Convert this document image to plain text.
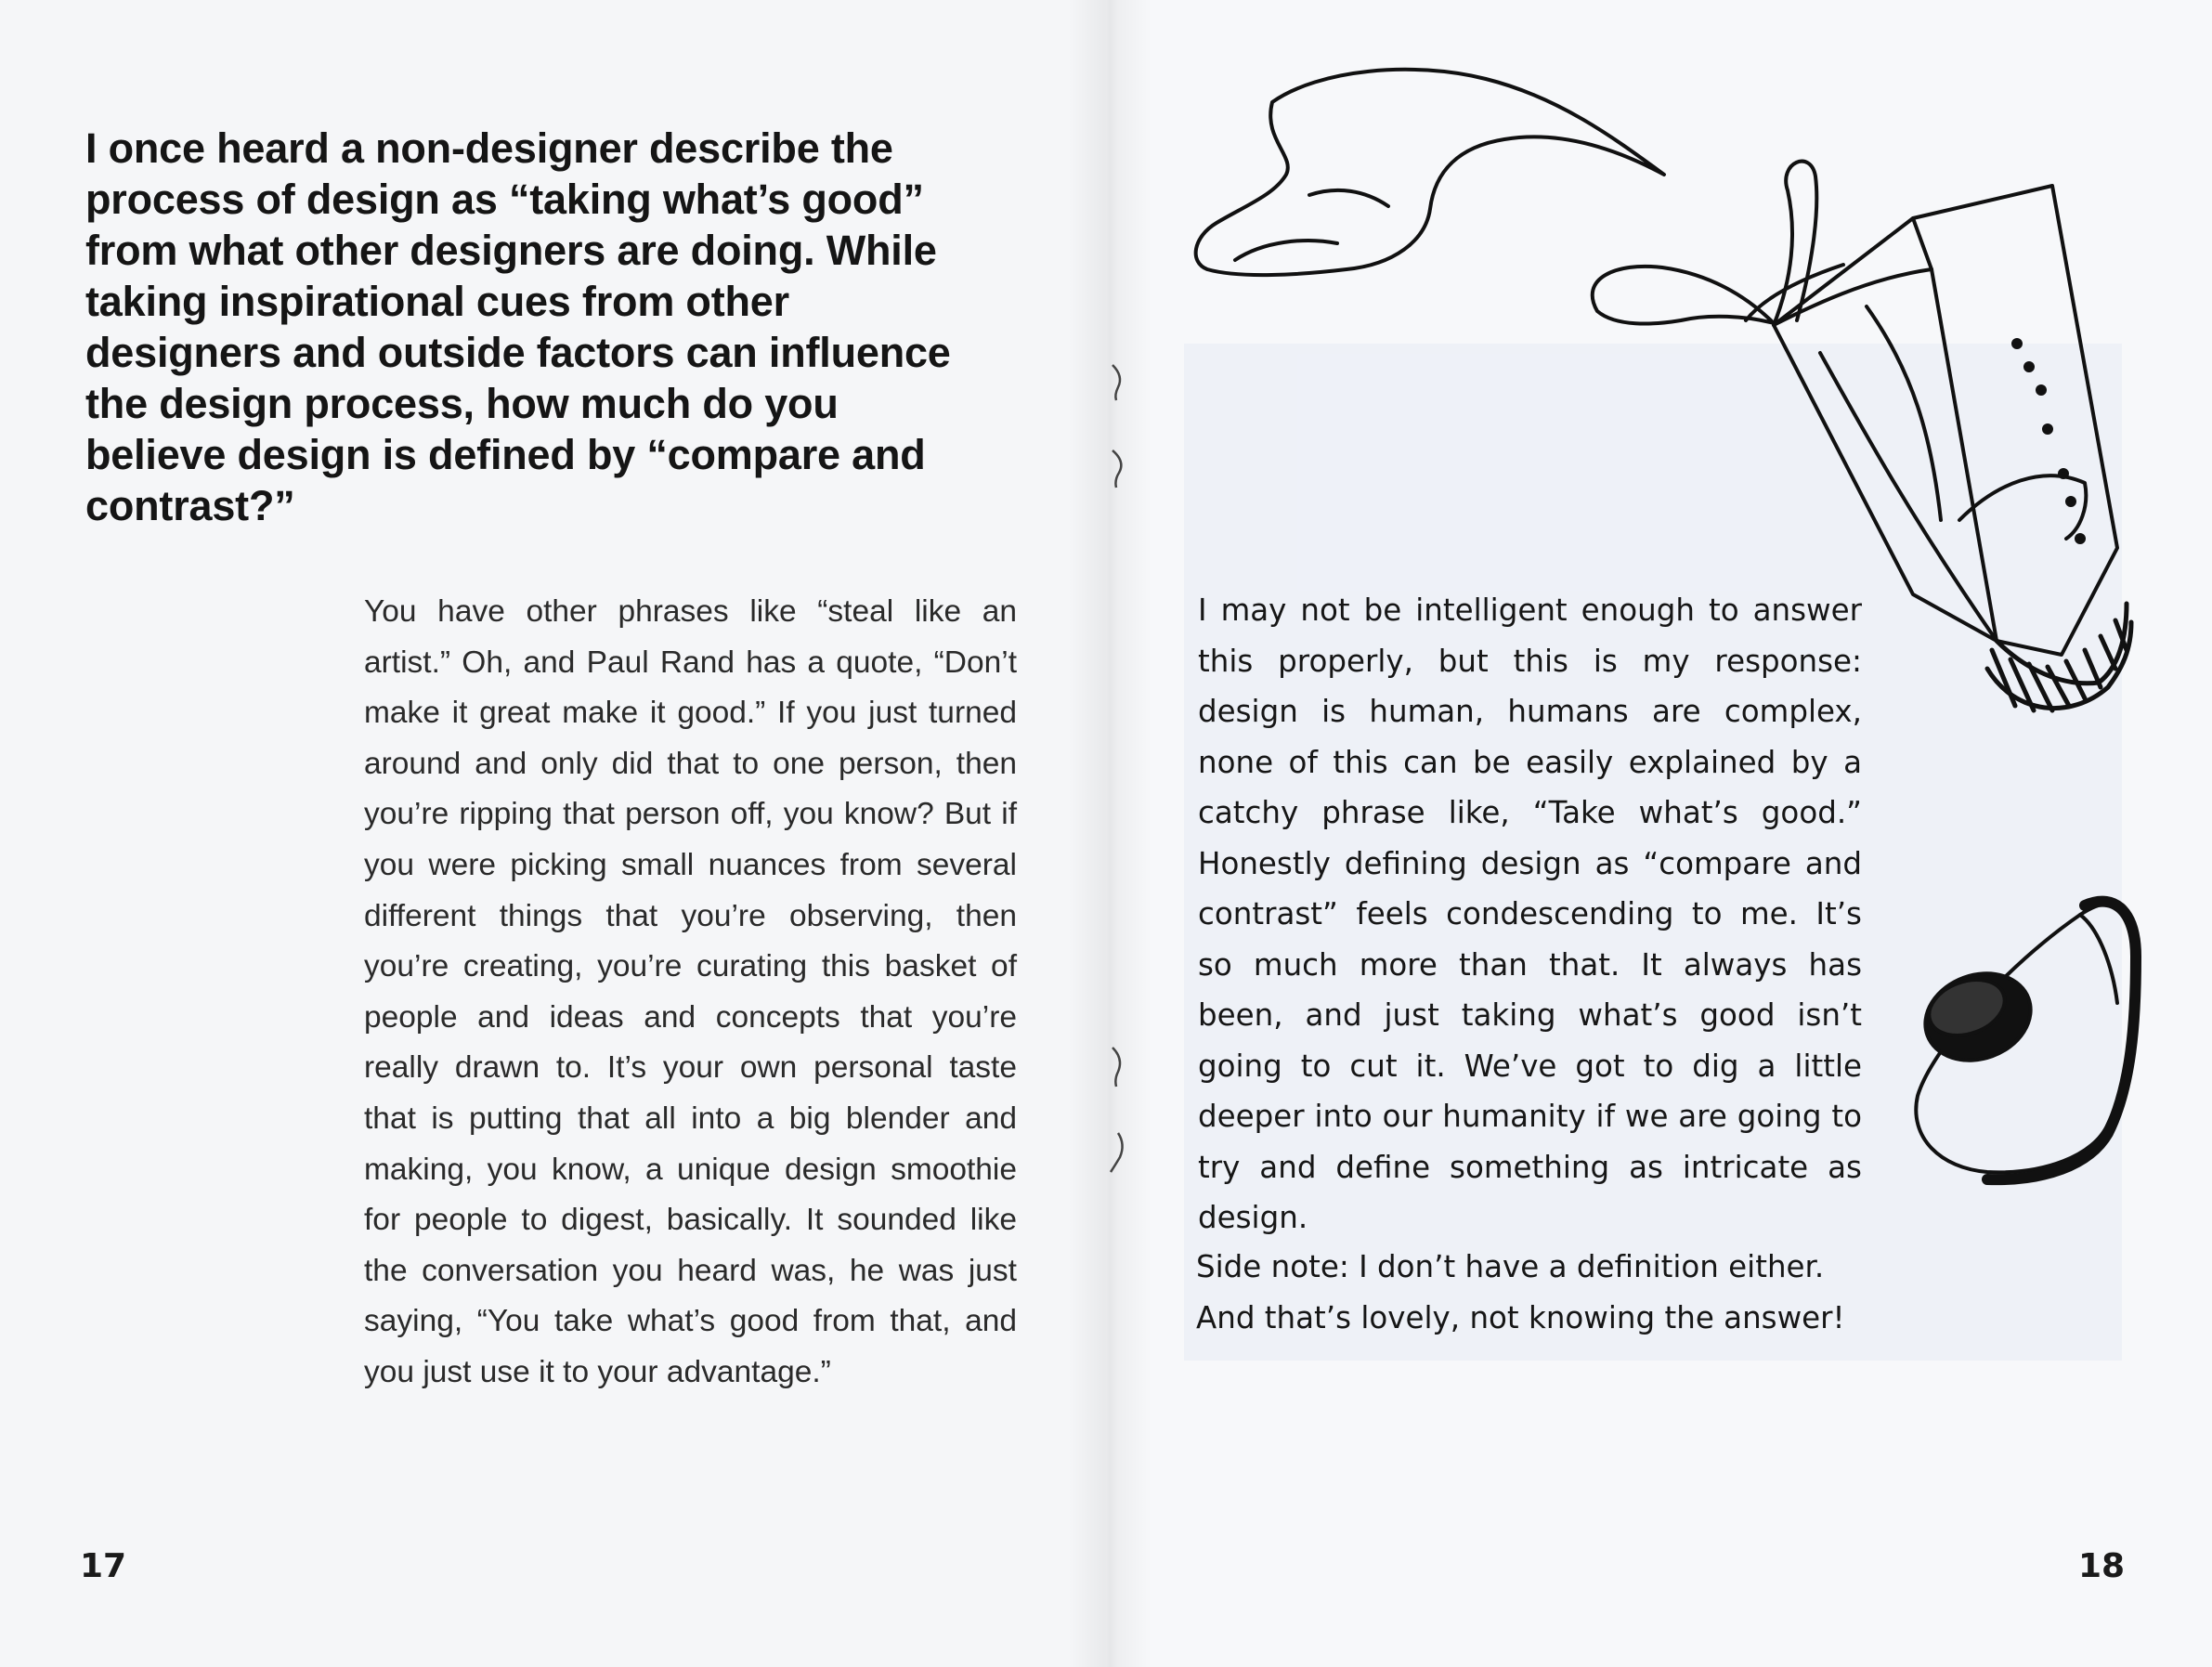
I once heard a non-designer describe the process of design as “taking what’s good” from what other designers are doing. While taking inspirational cues from other designers and outside factors can influence the design process, how much do you believe design is defined by “compare and contrast?”

You have other phrases like “steal like an artist.” Oh, and Paul Rand has a quote, “Don’t make it great make it good.” If you just turned around and only did that to one person, then you’re ripping that person off, you know? But if you were picking small nuances from several different things that you’re observing, then you’re creating, you’re curating this basket of people and ideas and concepts that you’re really drawn to. It’s your own personal taste that is putting that all into a big blender and making, you know, a unique design smoothie for people to digest, basically. It sounded like the conversation you heard was, he was just saying, “You take what’s good from that, and you just use it to your advantage.”

17

I may not be intelligent enough to answer this properly, but this is my response: design is human, humans are complex, none of this can be easily explained by a catchy phrase like, “Take what’s good.” Honestly defining design as “compare and contrast” feels condescending to me. It’s so much more than that. It always has been, and just taking what’s good isn’t going to cut it. We’ve got to dig a little deeper into our humanity if we are going to try and define something as intricate as design.

Side note: I don’t have a definition either. And that’s lovely, not knowing the answer!

18
